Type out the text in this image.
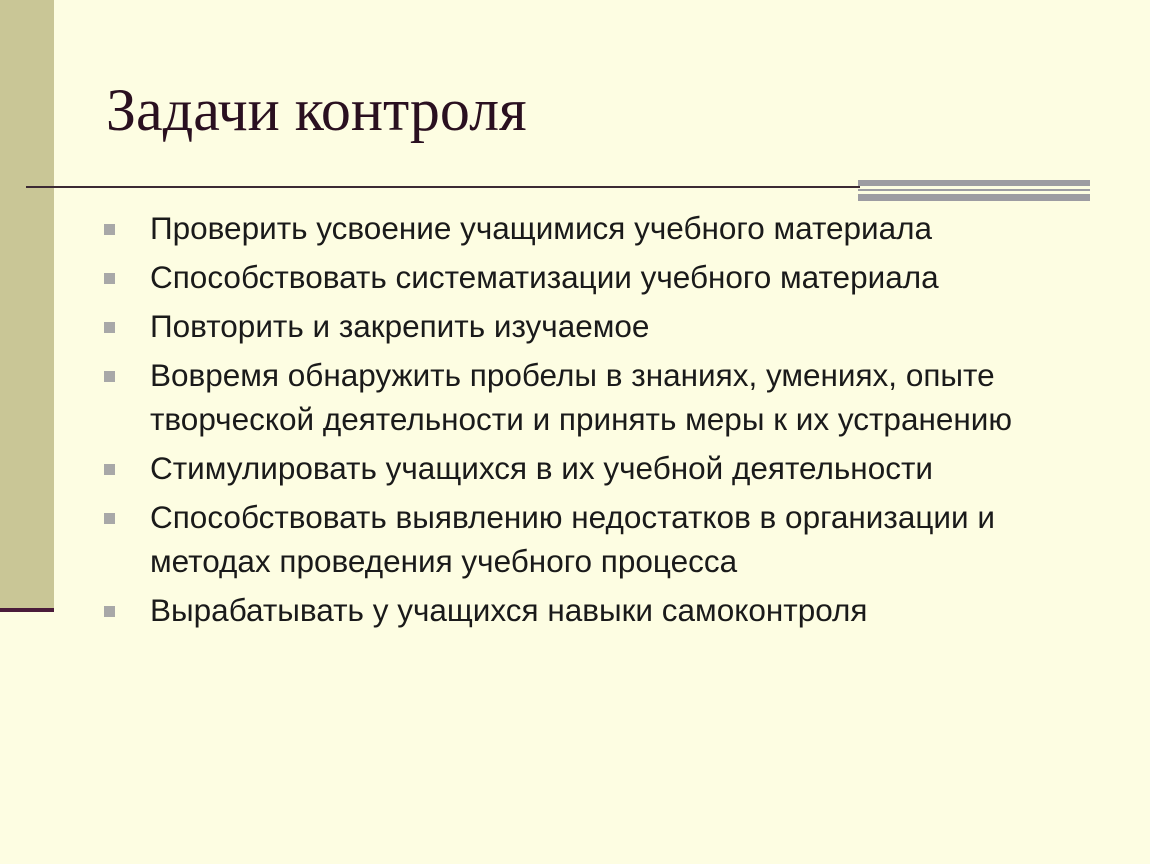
Задачи контроля
Проверить усвоение учащимися учебного материала
Способствовать систематизации учебного материала
Повторить и закрепить изучаемое
Вовремя обнаружить пробелы в знаниях, умениях, опыте творческой деятельности и принять меры к их устранению
Стимулировать учащихся в их учебной деятельности
Способствовать выявлению недостатков в организации и методах проведения учебного процесса
Вырабатывать у учащихся навыки самоконтроля
